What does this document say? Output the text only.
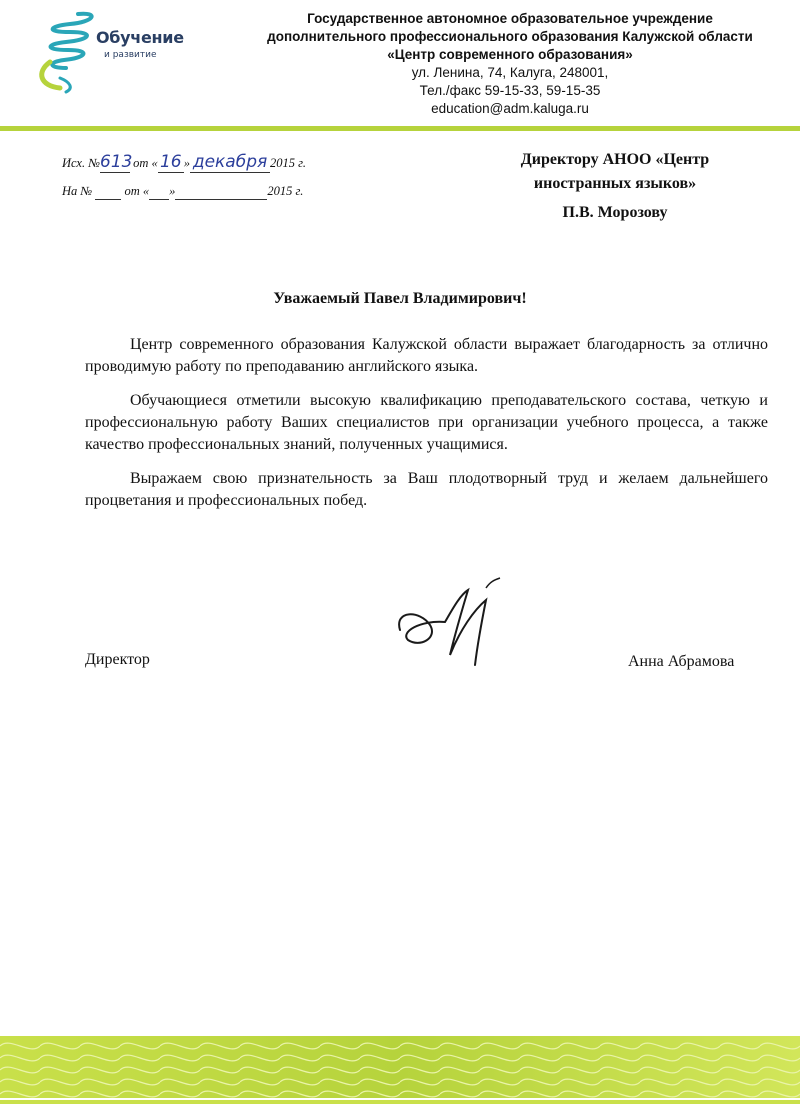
Обучение
и развитие
Государственное автономное образовательное учреждение
дополнительного профессионального образования Калужской области
«Центр современного образования»
ул. Ленина, 74, Калуга, 248001,
Тел./факс 59-15-33, 59-15-35
education@adm.kaluga.ru
Исх. №613 от « 16 » декабря 2015 г.
На №	от « »	2015 г.
Директору АНОО «Центр
иностранных языков»
П.В. Морозову
Уважаемый Павел Владимирович!
Центр современного образования Калужской области выражает благодарность за отлично проводимую работу по преподаванию английского языка.
Обучающиеся отметили высокую квалификацию преподавательского состава, четкую и профессиональную работу Ваших специалистов при организации учебного процесса, а также качество профессиональных знаний, полученных учащимися.
Выражаем свою признательность за Ваш плодотворный труд и желаем дальнейшего процветания и профессиональных побед.
Директор	Анна Абрамова
